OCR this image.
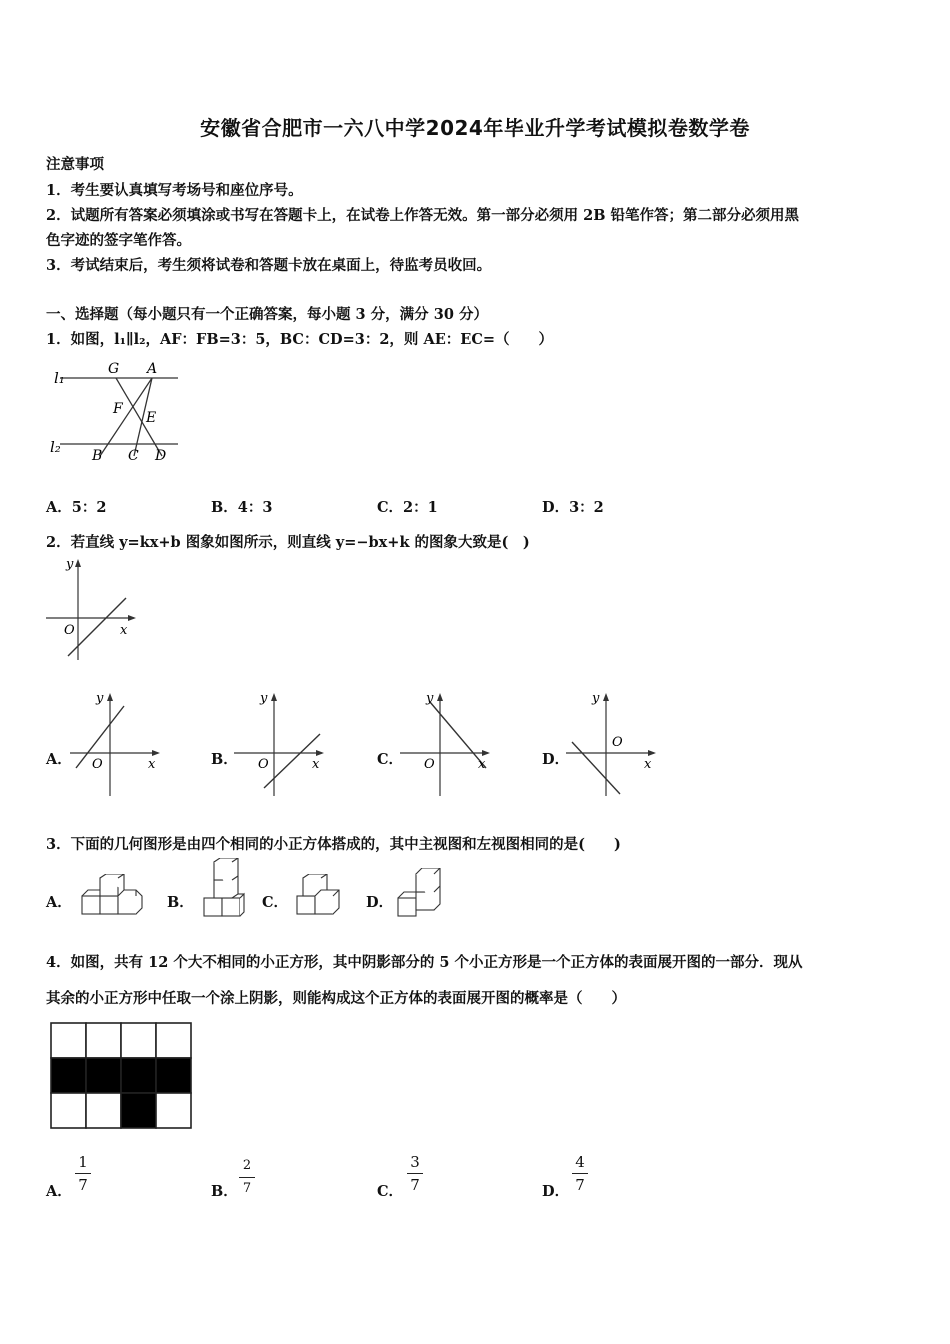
安徽省合肥市一六八中学2024年毕业升学考试模拟卷数学卷
注意事项
1．考生要认真填写考场号和座位序号。
2．试题所有答案必须填涂或书写在答题卡上，在试卷上作答无效。第一部分必须用 2B 铅笔作答；第二部分必须用黑
色字迹的签字笔作答。
3．考试结束后，考生须将试卷和答题卡放在桌面上，待监考员收回。
一、选择题（每小题只有一个正确答案，每小题 3 分，满分 30 分）
1．如图，l₁∥l₂，AF：FB=3：5，BC：CD=3：2，则 AE：EC=（　　）
l₁
l₂
G A
F
E
B C D
A．5：2	B．4：3	C．2：1	D．3：2
2．若直线 y=kx+b 图象如图所示，则直线 y=−bx+k 的图象大致是(　)
y
x
O
A．
y
x
O	B．
y
x
O	C．
y
x
O	D．
y
x
O
3．下面的几何图形是由四个相同的小正方体搭成的，其中主视图和左视图相同的是(　　)
A．	B．	C．	D．
4．如图，共有 12 个大不相同的小正方形，其中阴影部分的 5 个小正方形是一个正方体的表面展开图的一部分．现从
其余的小正方形中任取一个涂上阴影，则能构成这个正方体的表面展开图的概率是（　　）
A．
1
7	B．
2
7	C．
3
7	D．
4
7
